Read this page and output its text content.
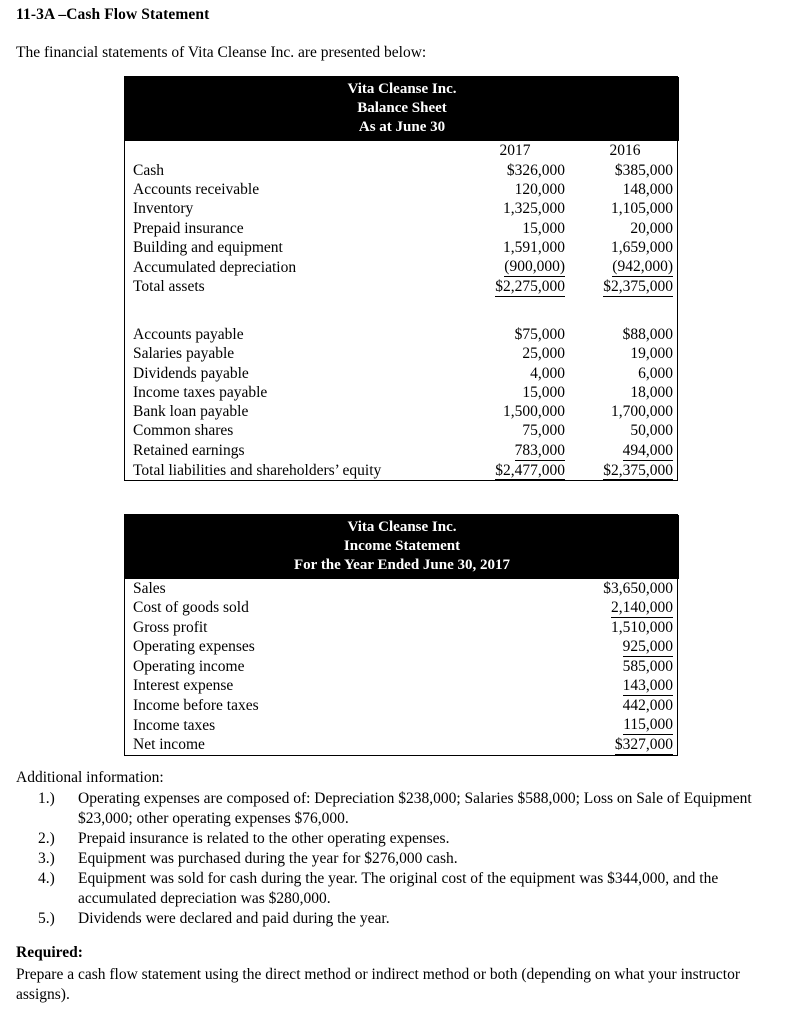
11-3A –Cash Flow Statement
The financial statements of Vita Cleanse Inc. are presented below:
Vita Cleanse Inc.
Balance Sheet
As at June 30		

	2017	2016
Cash	$326,000	$385,000
Accounts receivable	120,000	148,000
Inventory	1,325,000	1,105,000
Prepaid insurance	15,000	20,000
Building and equipment	1,591,000	1,659,000
Accumulated depreciation	(900,000)	(942,000)
Total assets	$2,275,000	$2,375,000

Accounts payable	$75,000	$88,000
Salaries payable	25,000	19,000
Dividends payable	4,000	6,000
Income taxes payable	15,000	18,000
Bank loan payable	1,500,000	1,700,000
Common shares	75,000	50,000
Retained earnings	783,000	494,000
Total liabilities and shareholders’ equity	$2,477,000	$2,375,000
Vita Cleanse Inc.
Income Statement
For the Year Ended June 30, 2017	

Sales	$3,650,000
Cost of goods sold	2,140,000
Gross profit	1,510,000
Operating expenses	925,000
Operating income	585,000
Interest expense	143,000
Income before taxes	442,000
Income taxes	115,000
Net income	$327,000
Additional information:
1.)	Operating expenses are composed of: Depreciation $238,000; Salaries $588,000; Loss on Sale of Equipment $23,000; other operating expenses $76,000.
2.)	Prepaid insurance is related to the other operating expenses.
3.)	Equipment was purchased during the year for $276,000 cash.
4.)	Equipment was sold for cash during the year. The original cost of the equipment was $344,000, and the accumulated depreciation was $280,000.
5.)	Dividends were declared and paid during the year.
Required:
Prepare a cash flow statement using the direct method or indirect method or both (depending on what your instructor assigns).
